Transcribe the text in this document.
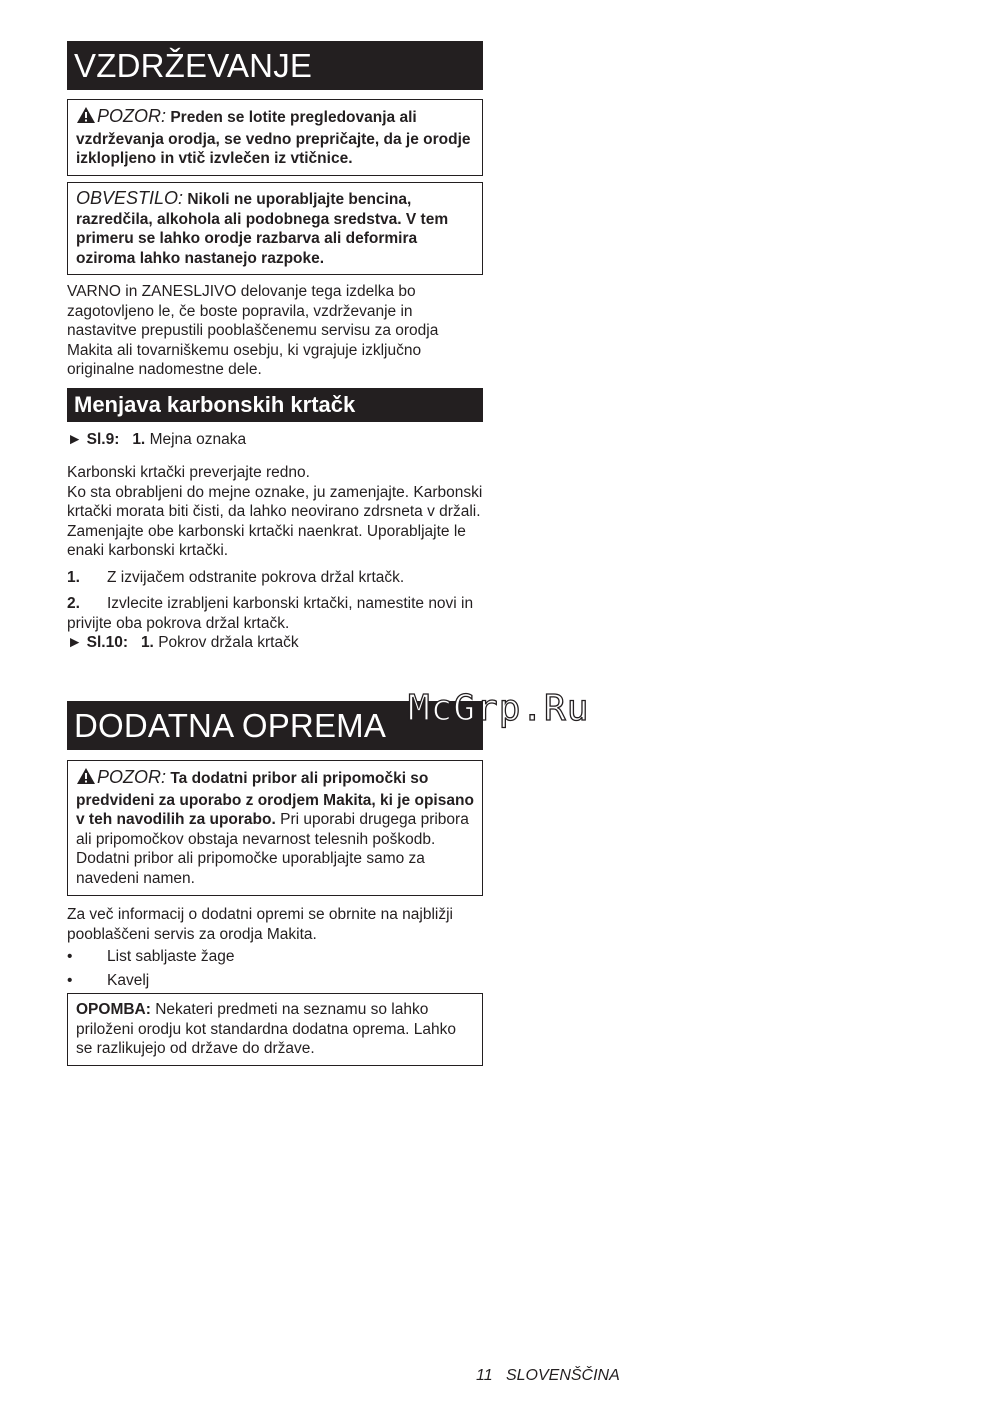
VZDRŽEVANJE
POZOR: Preden se lotite pregledovanja ali vzdrževanja orodja, se vedno prepričajte, da je orodje izklopljeno in vtič izvlečen iz vtičnice.
OBVESTILO: Nikoli ne uporabljajte bencina, razredčila, alkohola ali podobnega sredstva. V tem primeru se lahko orodje razbarva ali deformira oziroma lahko nastanejo razpoke.

VARNO in ZANESLJIVO delovanje tega izdelka bo zagotovljeno le, če boste popravila, vzdrževanje in nastavitve prepustili pooblaščenemu servisu za orodja Makita ali tovarniškemu osebju, ki vgrajuje izključno originalne nadomestne dele.

Menjava karbonskih krtačk
► Sl.9: 1. Mejna oznaka

Karbonski krtački preverjajte redno.

Ko sta obrabljeni do mejne oznake, ju zamenjajte. Karbonski krtački morata biti čisti, da lahko neovirano zdrsneta v držali. Zamenjajte obe karbonski krtački naenkrat. Uporabljajte le enaki karbonski krtački.

1. Z izvijačem odstranite pokrova držal krtačk.
2. Izvlecite izrabljeni karbonski krtački, namestite novi in privijte oba pokrova držal krtačk.
► Sl.10: 1. Pokrov držala krtačk
DODATNA OPREMA
POZOR: Ta dodatni pribor ali pripomočki so predvideni za uporabo z orodjem Makita, ki je opisano v teh navodilih za uporabo. Pri uporabi drugega pribora ali pripomočkov obstaja nevarnost telesnih poškodb. Dodatni pribor ali pripomočke uporabljajte samo za navedeni namen.

Za več informacij o dodatni opremi se obrnite na najbližji pooblaščeni servis za orodja Makita.

• List sabljaste žage

• Kavelj

OPOMBA: Nekateri predmeti na seznamu so lahko priloženi orodju kot standardna dodatna oprema. Lahko se razlikujejo od države do države.
McGrp.Ru
11 SLOVENŠČINA
